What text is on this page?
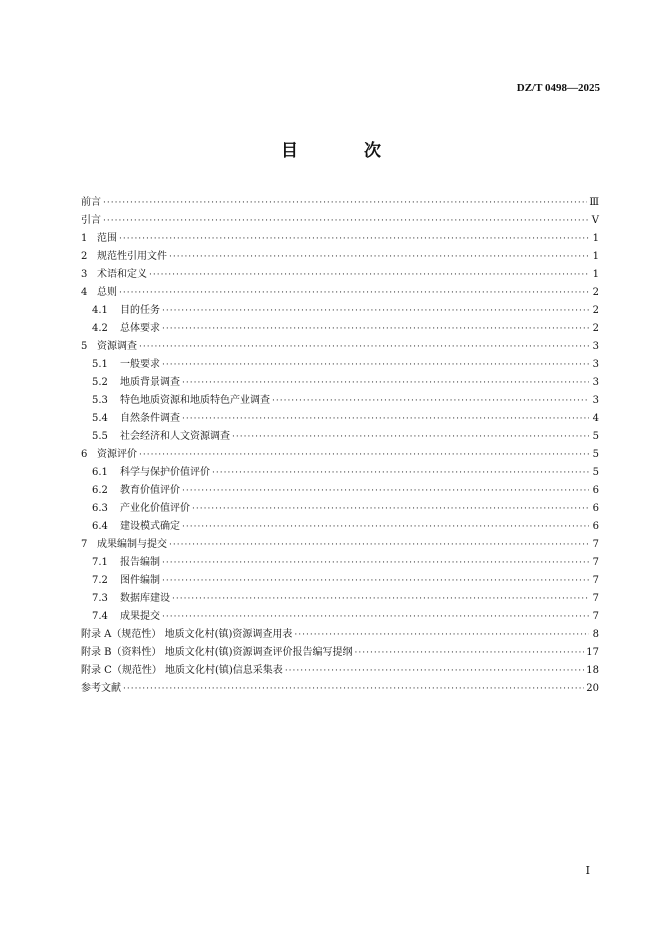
DZ/T 0498—2025
目 次
前言 ·····	Ⅲ
引言 ·····	Ⅴ
1 范围 ·····	1
2 规范性引用文件 ·····	1
3 术语和定义 ·····	1
4 总则 ·····	2
4.1	目的任务 ·····	2
4.2	总体要求 ·····	2
5 资源调查 ·····	3
5.1	一般要求 ·····	3
5.2	地质背景调查 ·····	3
5.3	特色地质资源和地质特色产业调查 ·····	3
5.4	自然条件调查 ·····	4
5.5	社会经济和人文资源调查 ·····	5
6 资源评价 ·····	5
6.1	科学与保护价值评价 ·····	5
6.2	教育价值评价 ·····	6
6.3	产业化价值评价 ·····	6
6.4	建设模式确定 ·····	6
7 成果编制与提交 ·····	7
7.1	报告编制 ·····	7
7.2	图件编制 ·····	7
7.3	数据库建设 ·····	7
7.4	成果提交 ·····	7
附录 A（规范性） 地质文化村(镇)资源调查用表 ·····	8
附录 B（资料性） 地质文化村(镇)资源调查评价报告编写提纲 ·····	17
附录 C（规范性） 地质文化村(镇)信息采集表 ·····	18
参考文献 ·····	20
I
